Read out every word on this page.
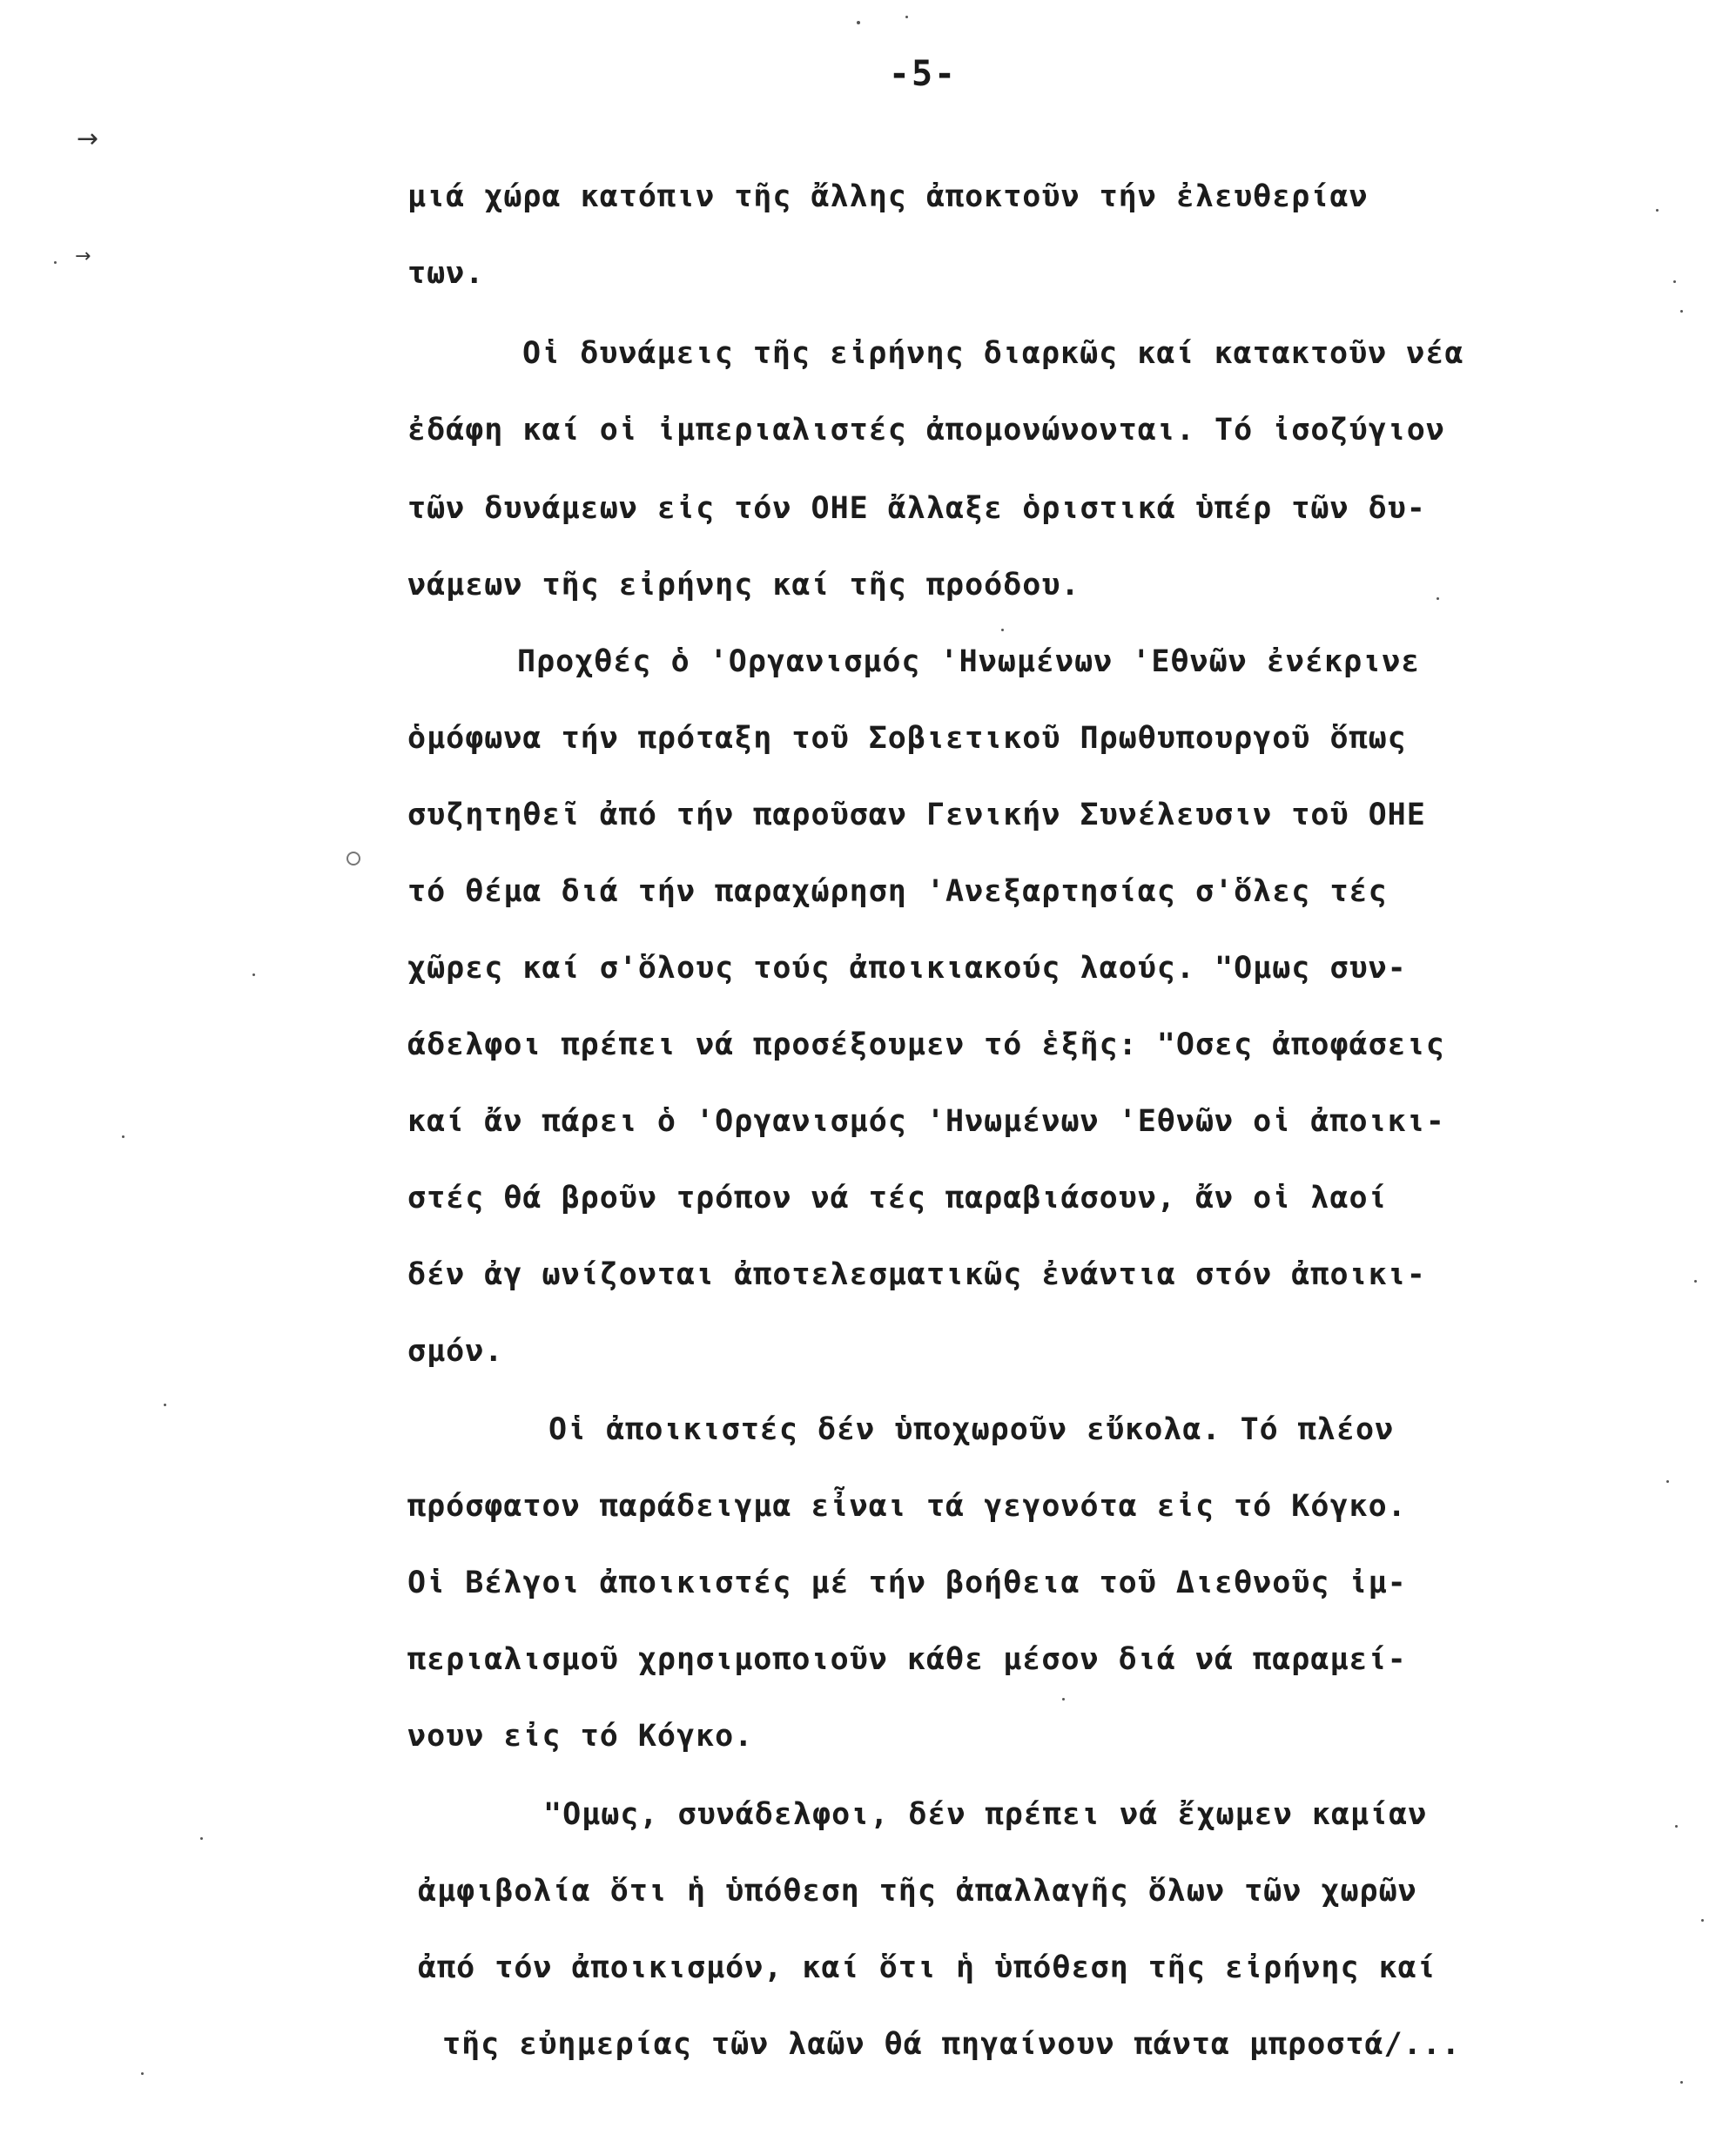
-5-
μιά χώρα κατόπιν τῆς ἄλλης ἀποκτοῦν τήν ἐλευθερίαν
των.
Οἱ δυνάμεις τῆς εἰρήνης διαρκῶς καί κατακτοῦν νέα
ἐδάφη καί οἱ ἰμπεριαλιστές ἀπομονώνονται. Τό ἰσοζύγιον
τῶν δυνάμεων εἰς τόν ΟΗΕ ἄλλαξε ὁριστικά ὑπέρ τῶν δυ-
νάμεων τῆς εἰρήνης καί τῆς προόδου.
Προχθές ὁ 'Οργανισμός 'Ηνωμένων 'Εθνῶν ἐνέκρινε
ὁμόφωνα τήν πρόταξη τοῦ Σοβιετικοῦ Πρωθυπουργοῦ ὅπως
συζητηθεῖ ἀπό τήν παροῦσαν Γενικήν Συνέλευσιν τοῦ ΟΗΕ
τό θέμα διά τήν παραχώρηση 'Ανεξαρτησίας σ'ὅλες τές
χῶρες καί σ'ὅλους τούς ἀποικιακούς λαούς. "Ομως συν-
άδελφοι πρέπει νά προσέξουμεν τό ἑξῆς: "Οσες ἀποφάσεις
καί ἄν πάρει ὁ 'Οργανισμός 'Ηνωμένων 'Εθνῶν οἱ ἀποικι-
στές θά βροῦν τρόπον νά τές παραβιάσουν, ἄν οἱ λαοί
δέν ἀγ ωνίζονται ἀποτελεσματικῶς ἐνάντια στόν ἀποικι-
σμόν.
Οἱ ἀποικιστές δέν ὑποχωροῦν εὔκολα. Τό πλέον
πρόσφατον παράδειγμα εἶναι τά γεγονότα εἰς τό Κόγκο.
Οἱ Βέλγοι ἀποικιστές μέ τήν βοήθεια τοῦ Διεθνοῦς ἰμ-
περιαλισμοῦ χρησιμοποιοῦν κάθε μέσον διά νά παραμεί-
νουν εἰς τό Κόγκο.
"Ομως, συνάδελφοι, δέν πρέπει νά ἔχωμεν καμίαν
ἀμφιβολία ὅτι ἡ ὑπόθεση τῆς ἀπαλλαγῆς ὅλων τῶν χωρῶν
ἀπό τόν ἀποικισμόν, καί ὅτι ἡ ὑπόθεση τῆς εἰρήνης καί
τῆς εὐημερίας τῶν λαῶν θά πηγαίνουν πάντα μπροστά/...
→
→
